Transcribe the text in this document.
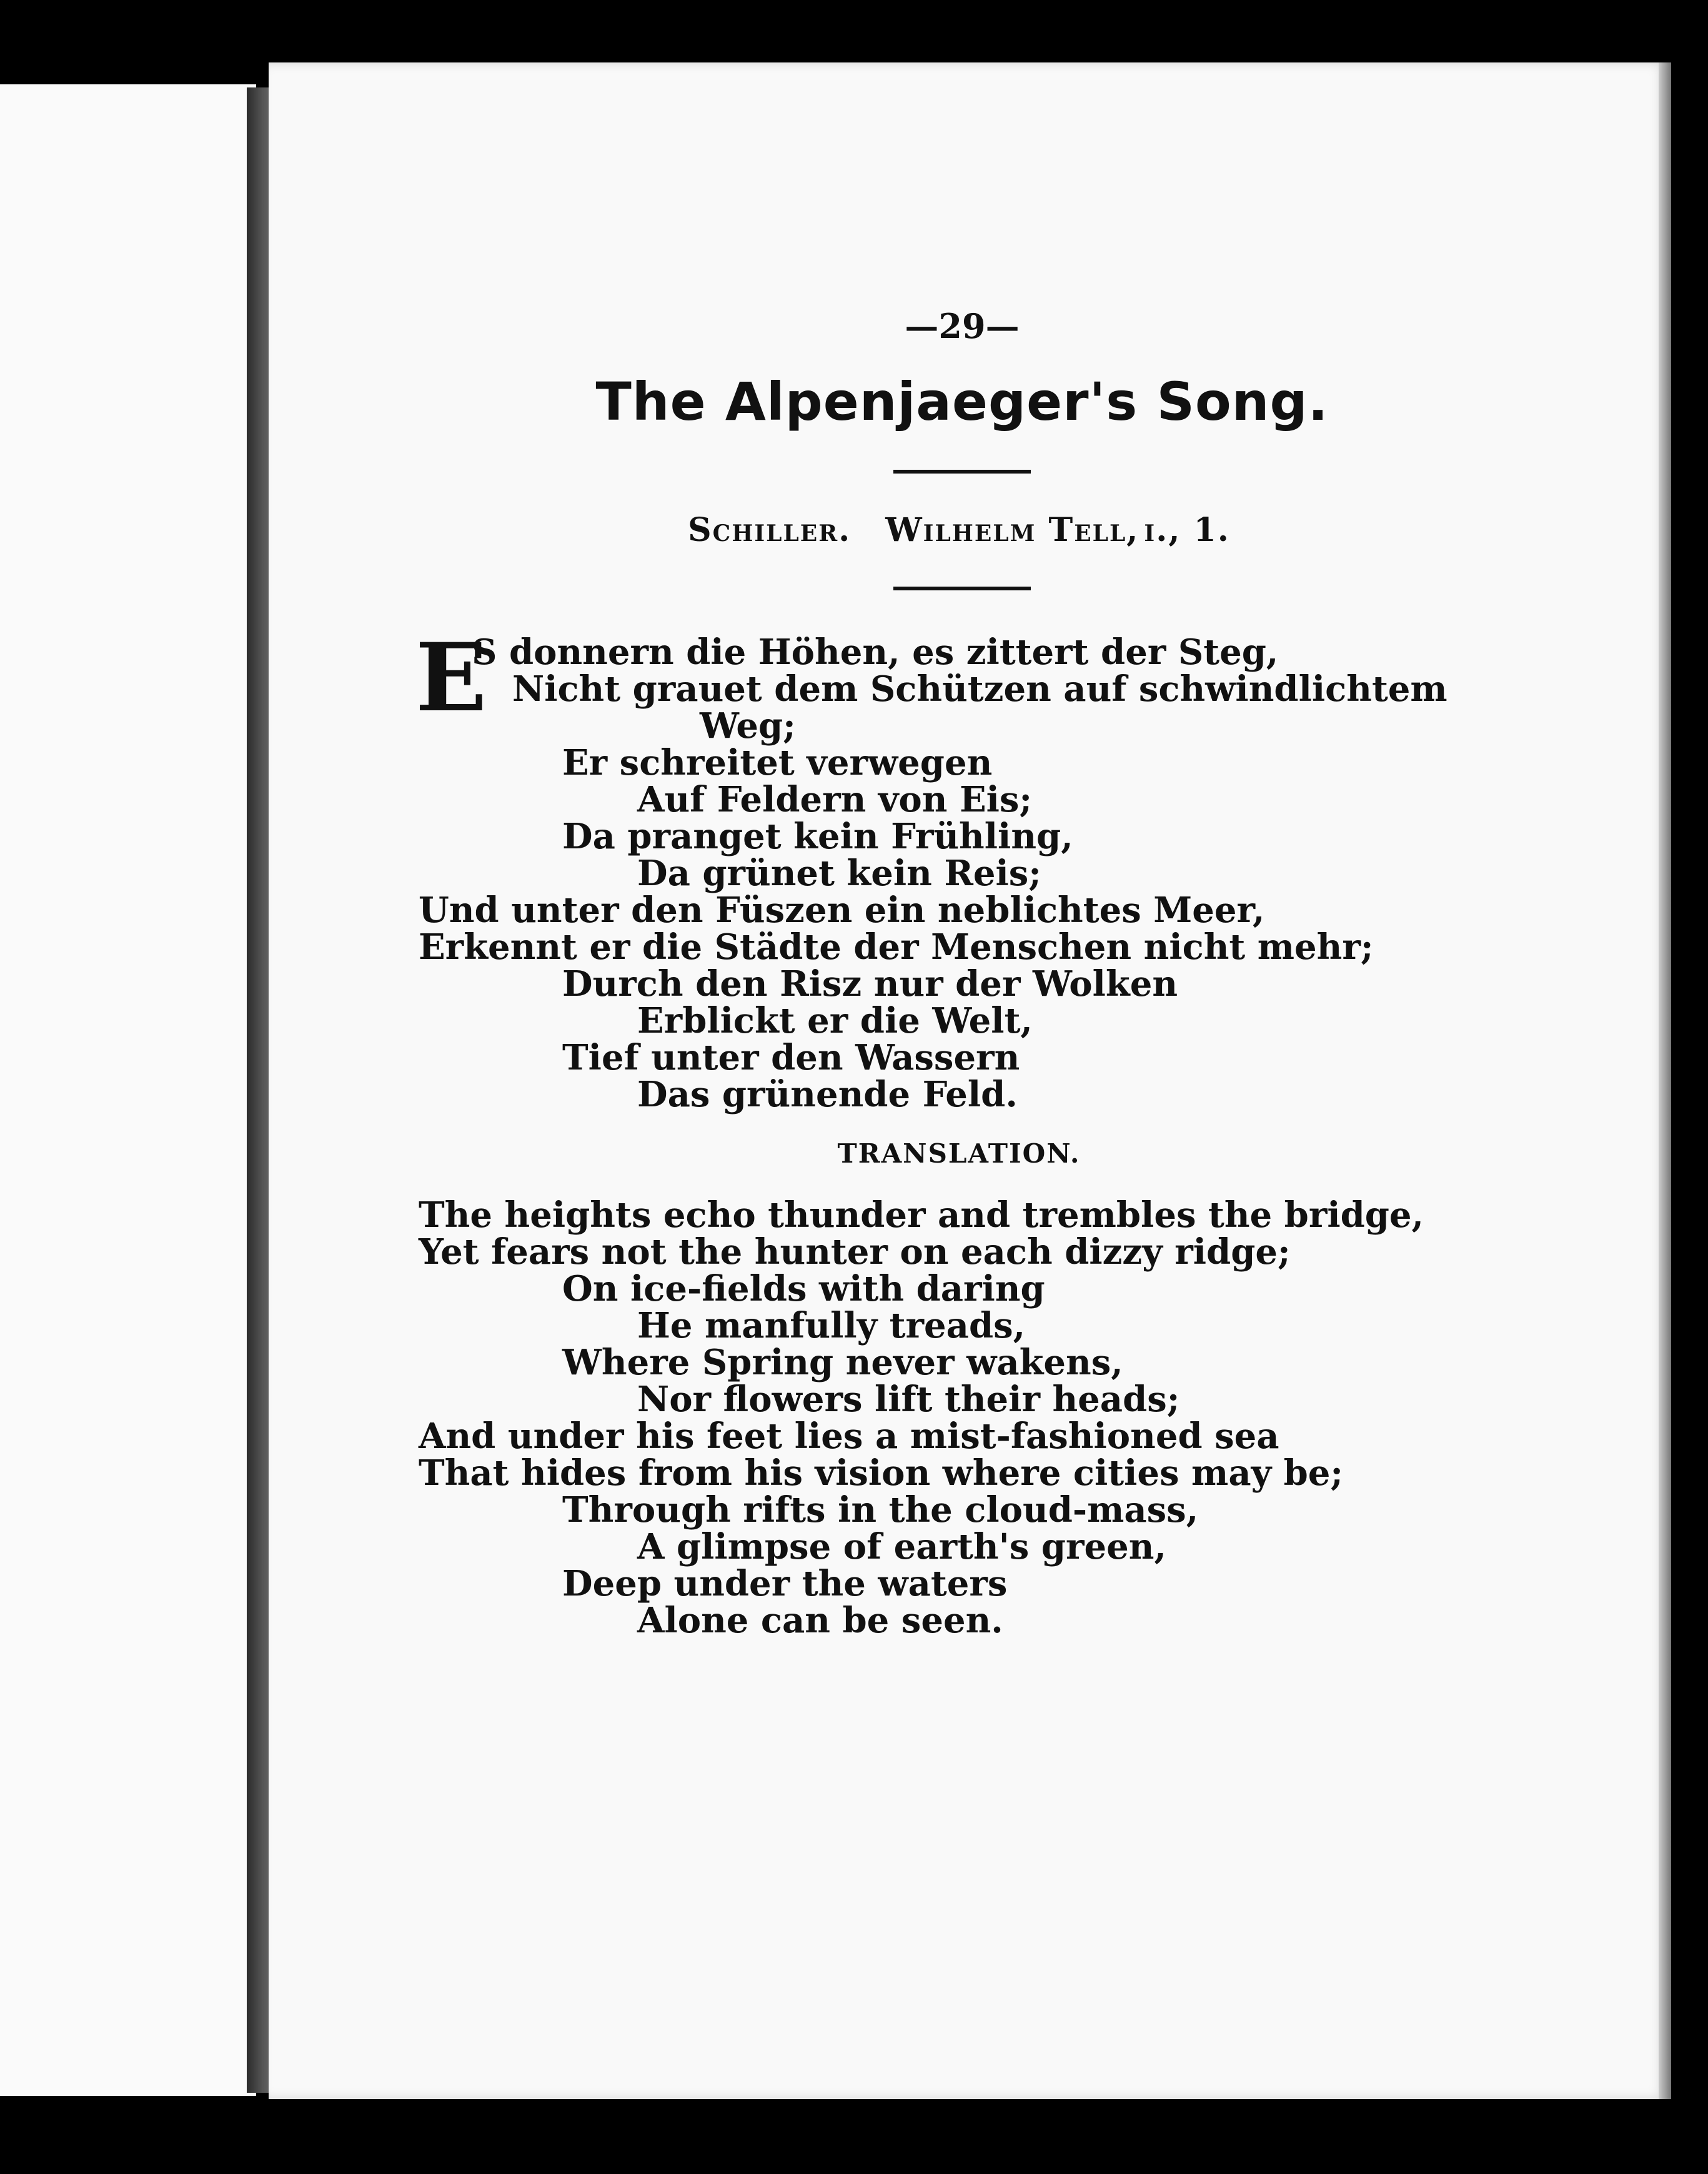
—29—

The Alpenjaeger's Song.

Schiller. Wilhelm Tell, i., 1.

E
S donnern die Höhen, es zittert der Steg,
Nicht grauet dem Schützen auf schwindlichtem
Weg;
Er schreitet verwegen
Auf Feldern von Eis;
Da pranget kein Frühling,
Da grünet kein Reis;
Und unter den Füszen ein neblichtes Meer,
Erkennt er die Städte der Menschen nicht mehr;
Durch den Risz nur der Wolken
Erblickt er die Welt,
Tief unter den Wassern
Das grünende Feld.

TRANSLATION.

The heights echo thunder and trembles the bridge,
Yet fears not the hunter on each dizzy ridge;
On ice-fields with daring
He manfully treads,
Where Spring never wakens,
Nor flowers lift their heads;
And under his feet lies a mist-fashioned sea
That hides from his vision where cities may be;
Through rifts in the cloud-mass,
A glimpse of earth's green,
Deep under the waters
Alone can be seen.
